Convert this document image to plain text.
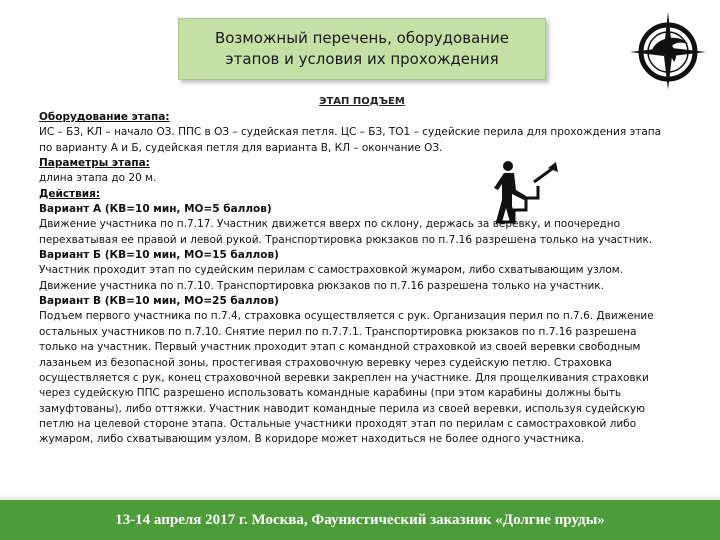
Возможный перечень, оборудование
этапов и условия их прохождения
ЭТАП ПОДЪЕМ

Оборудование этапа:

ИС – БЗ, КЛ – начало ОЗ. ППС в ОЗ – судейская петля. ЦС – БЗ, ТО1 – судейские перила для прохождения этапа

по варианту А и Б, судейская петля для варианта В, КЛ – окончание ОЗ.

Параметры этапа:

длина этапа до 20 м.

Действия:

Вариант А (КВ=10 мин, МО=5 баллов)

Движение участника по п.7.17. Участник движется вверх по склону, держась за веревку, и поочередно

перехватывая ее правой и левой рукой. Транспортировка рюкзаков по п.7.16 разрешена только на участник.

Вариант Б (КВ=10 мин, МО=15 баллов)

Участник проходит этап по судейским перилам с самостраховкой жумаром, либо схватывающим узлом.

Движение участника по п.7.10. Транспортировка рюкзаков по п.7.16 разрешена только на участник.

Вариант В (КВ=10 мин, МО=25 баллов)

Подъем первого участника по п.7.4, страховка осуществляется с рук. Организация перил по п.7.6. Движение

остальных участников по п.7.10. Снятие перил по п.7.7.1. Транспортировка рюкзаков по п.7.16 разрешена

только на участник. Первый участник проходит этап с командной страховкой из своей веревки свободным

лазаньем из безопасной зоны, простегивая страховочную веревку через судейскую петлю. Страховка

осуществляется с рук, конец страховочной веревки закреплен на участнике. Для прощелкивания страховки

через судейскую ППС разрешено использовать командные карабины (при этом карабины должны быть

замуфтованы), либо оттяжки. Участник наводит командные перила из своей веревки, используя судейскую

петлю на целевой стороне этапа. Остальные участники проходят этап по перилам с самостраховкой либо

жумаром, либо схватывающим узлом. В коридоре может находиться не более одного участника.

13-14 апреля 2017 г. Москва, Фаунистический заказник «Долгие пруды»
